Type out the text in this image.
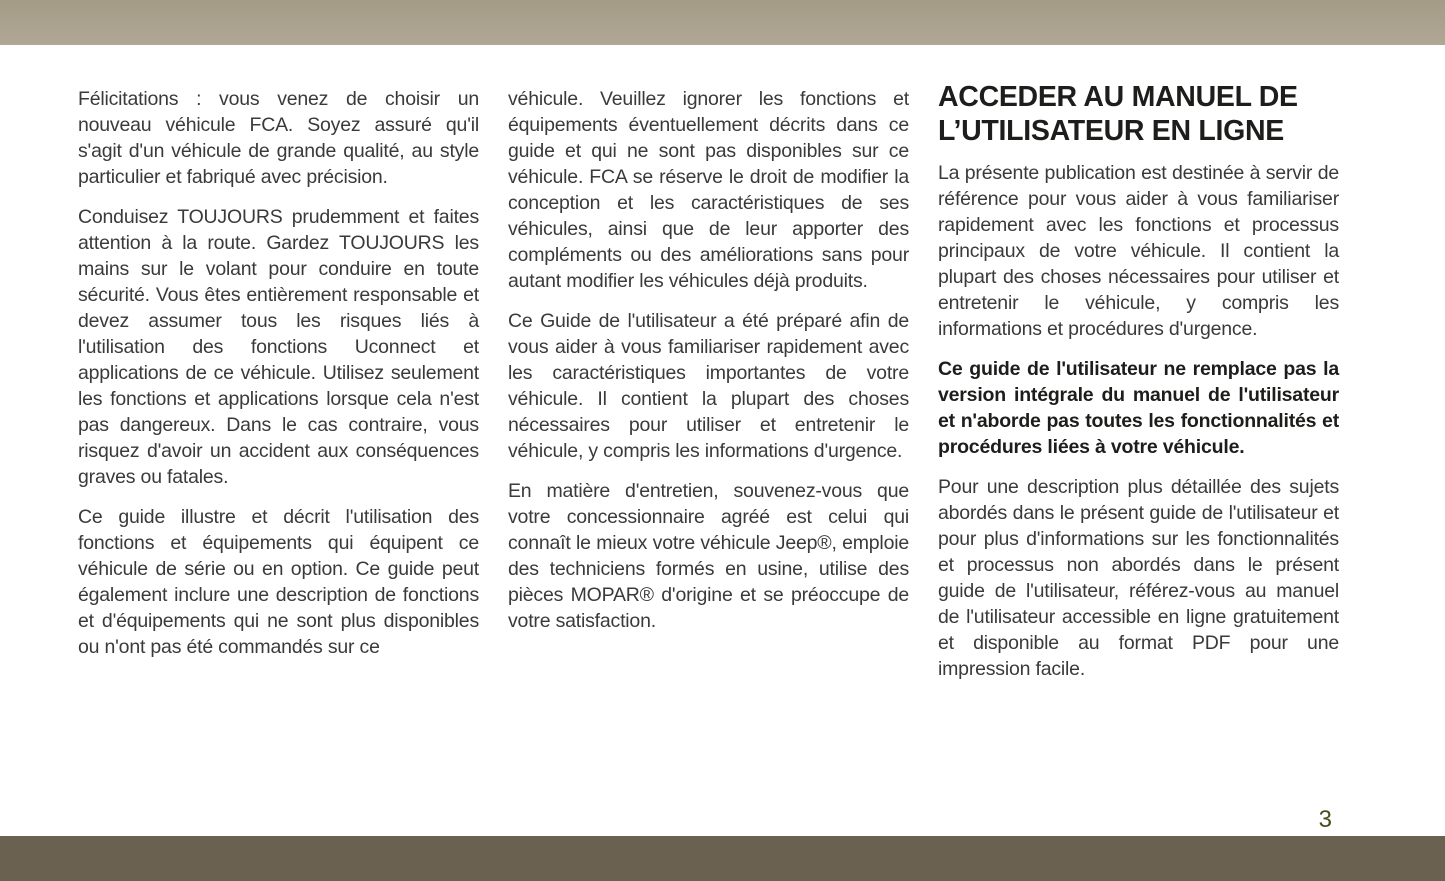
Félicitations : vous venez de choisir un nouveau véhicule FCA. Soyez assuré qu'il s'agit d'un véhicule de grande qualité, au style particulier et fabriqué avec précision.

Conduisez TOUJOURS prudemment et faites attention à la route. Gardez TOUJOURS les mains sur le volant pour conduire en toute sécurité. Vous êtes entièrement responsable et devez assumer tous les risques liés à l'utilisation des fonctions Uconnect et applications de ce véhicule. Utilisez seulement les fonctions et applications lorsque cela n'est pas dangereux. Dans le cas contraire, vous risquez d'avoir un accident aux conséquences graves ou fatales.

Ce guide illustre et décrit l'utilisation des fonctions et équipements qui équipent ce véhicule de série ou en option. Ce guide peut également inclure une description de fonctions et d'équipements qui ne sont plus disponibles ou n'ont pas été commandés sur ce

véhicule. Veuillez ignorer les fonctions et équipements éventuellement décrits dans ce guide et qui ne sont pas disponibles sur ce véhicule. FCA se réserve le droit de modifier la conception et les caractéristiques de ses véhicules, ainsi que de leur apporter des compléments ou des améliorations sans pour autant modifier les véhicules déjà produits.

Ce Guide de l'utilisateur a été préparé afin de vous aider à vous familiariser rapidement avec les caractéristiques importantes de votre véhicule. Il contient la plupart des choses nécessaires pour utiliser et entretenir le véhicule, y compris les informations d'urgence.

En matière d'entretien, souvenez-vous que votre concessionnaire agréé est celui qui connaît le mieux votre véhicule Jeep®, emploie des techniciens formés en usine, utilise des pièces MOPAR® d'origine et se préoccupe de votre satisfaction.

ACCEDER AU MANUEL DE L’UTILISATEUR EN LIGNE

La présente publication est destinée à servir de référence pour vous aider à vous familiariser rapidement avec les fonctions et processus principaux de votre véhicule. Il contient la plupart des choses nécessaires pour utiliser et entretenir le véhicule, y compris les informations et procédures d'urgence.

Ce guide de l'utilisateur ne remplace pas la version intégrale du manuel de l'utilisateur et n'aborde pas toutes les fonctionnalités et procédures liées à votre véhicule.

Pour une description plus détaillée des sujets abordés dans le présent guide de l'utilisateur et pour plus d'informations sur les fonctionnalités et processus non abordés dans le présent guide de l'utilisateur, référez-vous au manuel de l'utilisateur accessible en ligne gratuitement et disponible au format PDF pour une impression facile.

3
